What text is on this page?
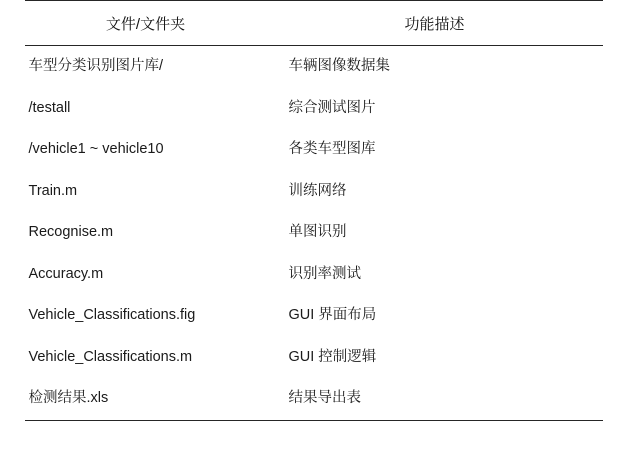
文件/文件夹	功能描述
车型分类识别图片库/	车辆图像数据集
/testall	综合测试图片
/vehicle1 ~ vehicle10	各类车型图库
Train.m	训练网络
Recognise.m	单图识别
Accuracy.m	识别率测试
Vehicle_Classifications.fig	GUI 界面布局
Vehicle_Classifications.m	GUI 控制逻辑
检测结果.xls	结果导出表
